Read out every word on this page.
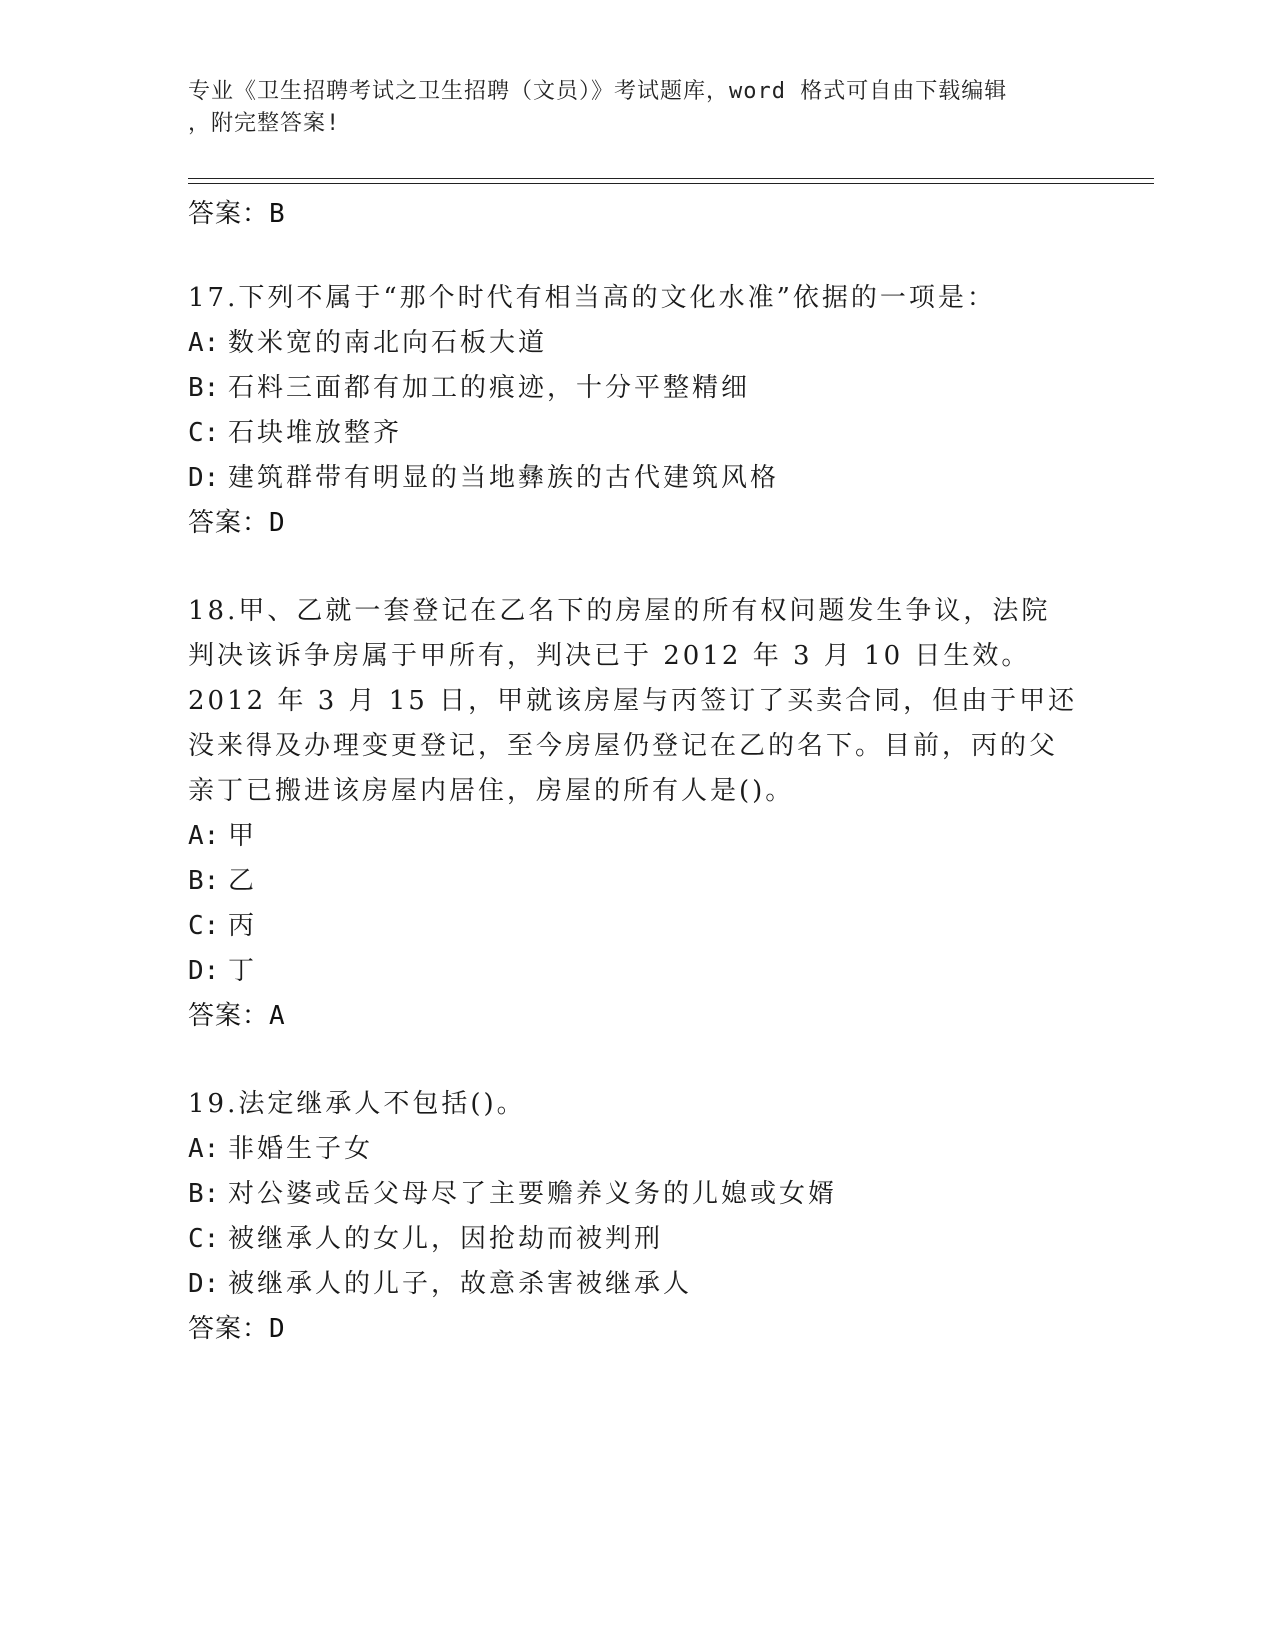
专业《卫生招聘考试之卫生招聘（文员）》考试题库，word 格式可自由下载编辑
，附完整答案!
答案：B
17.下列不属于“那个时代有相当高的文化水准”依据的一项是：
A: 数米宽的南北向石板大道
B: 石料三面都有加工的痕迹，十分平整精细
C: 石块堆放整齐
D: 建筑群带有明显的当地彝族的古代建筑风格
答案：D
18.甲、乙就一套登记在乙名下的房屋的所有权问题发生争议，法院判决该诉争房属于甲所有，判决已于 2012 年 3 月 10 日生效。2012 年 3 月 15 日，甲就该房屋与丙签订了买卖合同，但由于甲还没来得及办理变更登记，至今房屋仍登记在乙的名下。目前，丙的父亲丁已搬进该房屋内居住，房屋的所有人是()。
A: 甲
B: 乙
C: 丙
D: 丁
答案：A
19.法定继承人不包括()。
A: 非婚生子女
B: 对公婆或岳父母尽了主要赡养义务的儿媳或女婿
C: 被继承人的女儿，因抢劫而被判刑
D: 被继承人的儿子，故意杀害被继承人
答案：D
